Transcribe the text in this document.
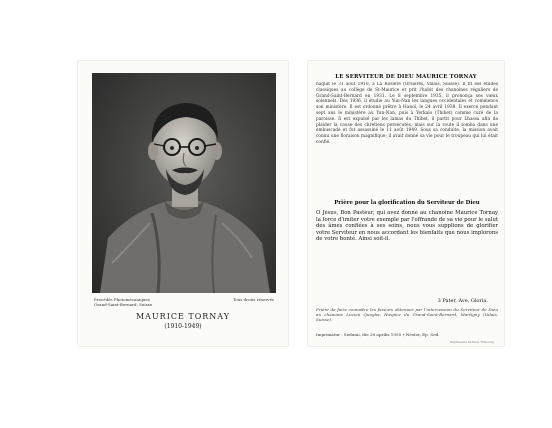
Procédés Photomécaniques
Grand-Saint-Bernard, Suisse
Tous droits réservés
MAURICE TORNAY
(1910-1949)
LE SERVITEUR DE DIEU MAURICE TORNAY
naquit le 31 août 1910, à La Rosière (Orsières, Valais, Suisse). Il fit ses études classiques au collège de St-Maurice et prit l'habit des chanoines réguliers de Grand-Saint-Bernard en 1931. Le 8 septembre 1935, il prononça ses vœux solennels. Dès 1936, il étudie au Yun-Nan les langues occidentales et commence son ministère. Il est ordonné prêtre à Hanoï, le 24 avril 1938. Il exerce pendant sept ans le ministère au Yun-Nan, puis à Yerkalo (Thibet) comme curé de la paroisse. Il est expulsé par les lamas du Thibet, il partit pour Lhassa afin de plaider la cause des chrétiens persécutés, mais sur la route il tomba dans une embuscade et fut assassiné le 11 août 1949. Sous sa conduite, la mission avait connu une floraison magnifique; il avait donné sa vie pour le troupeau qui lui était confié.
Prière pour la glorification du Serviteur de Dieu
O Jésus, Bon Pasteur, qui avez donné au chanoine Maurice Tornay la force d'imiter votre exemple par l'offrande de sa vie pour le salut des âmes confiées à ses soins, nous vous supplions de glorifier votre Serviteur en nous accordant les bienfaits que nous implorons de votre bonté. Ainsi soit-il.
3 Pater, Ave, Gloria.
Prière de faire connaître les faveurs obtenues par l'intercession du Serviteur de Dieu au chanoine Lucien Quaglia, Hospice du Grand-Saint-Bernard, Martigny (Valais, Suisse).
Imprimatur : Sedunii, die 28 aprilis 1955 † Nestor, Ep. Sed.
Imprimerie St-Paul, Fribourg
